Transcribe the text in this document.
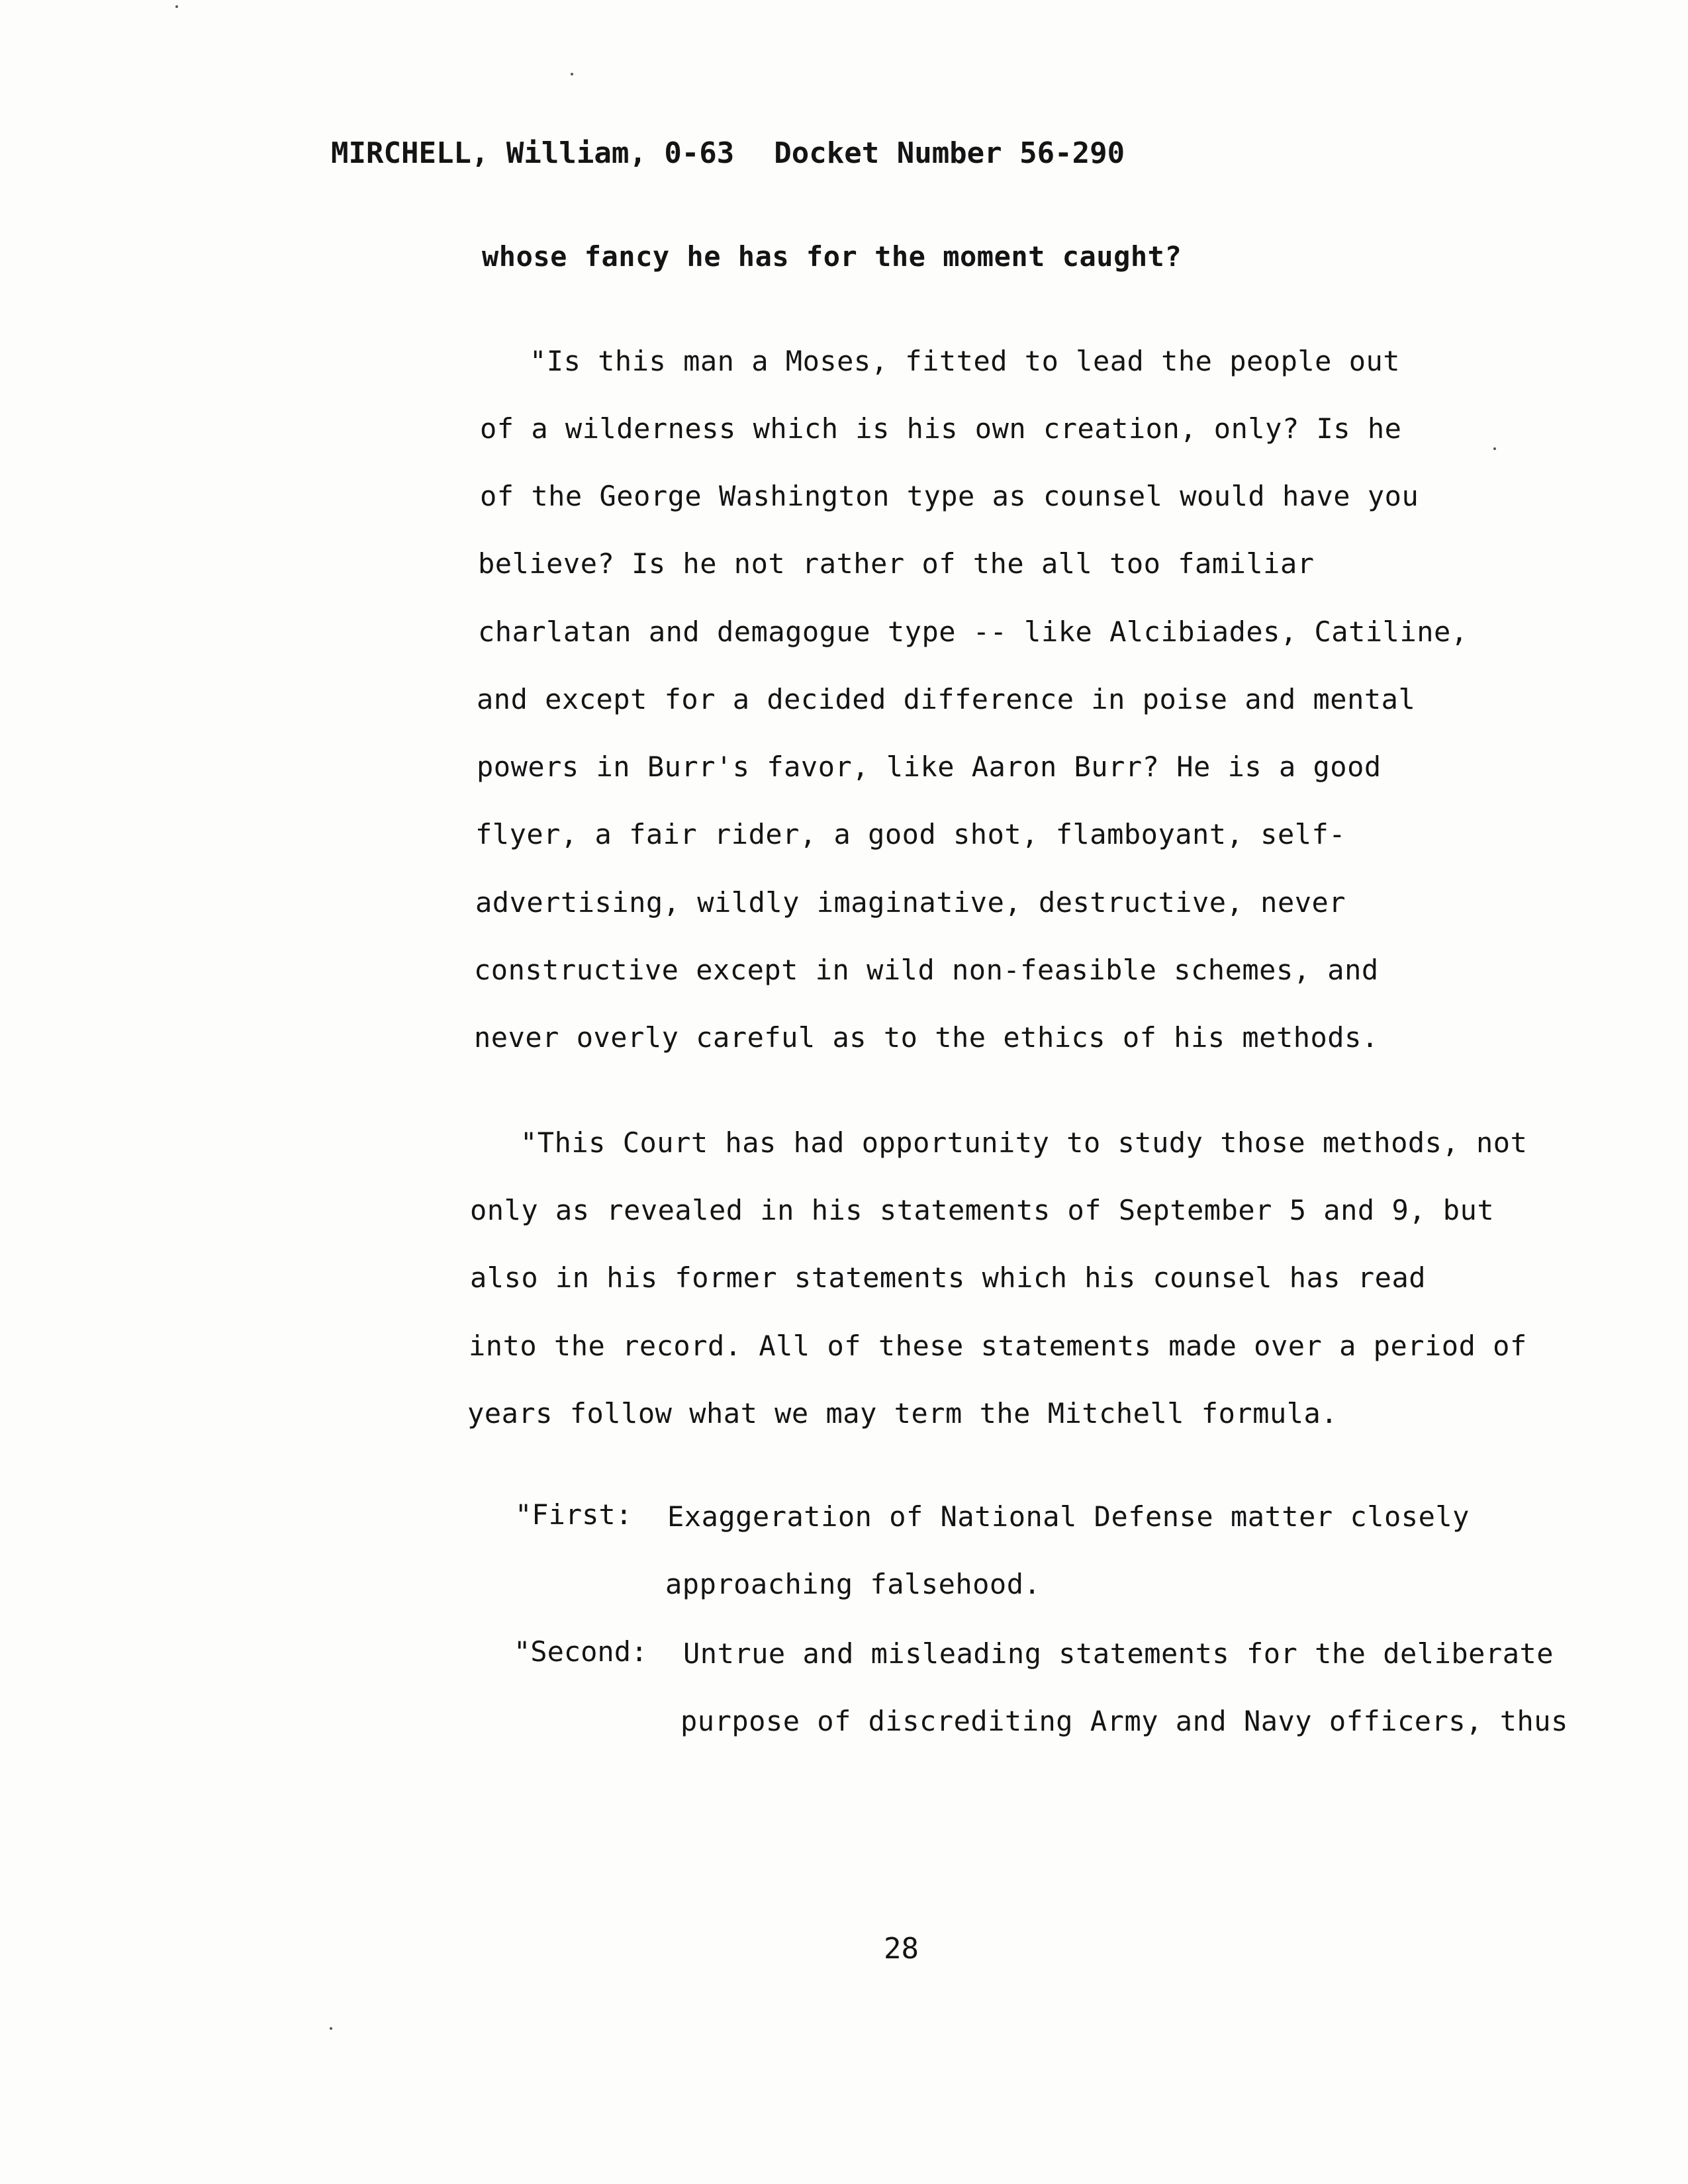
MIRCHELL, William, 0-63 Docket Number 56-290
whose fancy he has for the moment caught?
"Is this man a Moses, fitted to lead the people out
of a wilderness which is his own creation, only? Is he
of the George Washington type as counsel would have you
believe? Is he not rather of the all too familiar
charlatan and demagogue type -- like Alcibiades, Catiline,
and except for a decided difference in poise and mental
powers in Burr's favor, like Aaron Burr? He is a good
flyer, a fair rider, a good shot, flamboyant, self-
advertising, wildly imaginative, destructive, never
constructive except in wild non-feasible schemes, and
never overly careful as to the ethics of his methods.
"This Court has had opportunity to study those methods, not
only as revealed in his statements of September 5 and 9, but
also in his former statements which his counsel has read
into the record. All of these statements made over a period of
years follow what we may term the Mitchell formula.
"First: Exaggeration of National Defense matter closely
approaching falsehood.
"Second: Untrue and misleading statements for the deliberate
purpose of discrediting Army and Navy officers, thus
28
